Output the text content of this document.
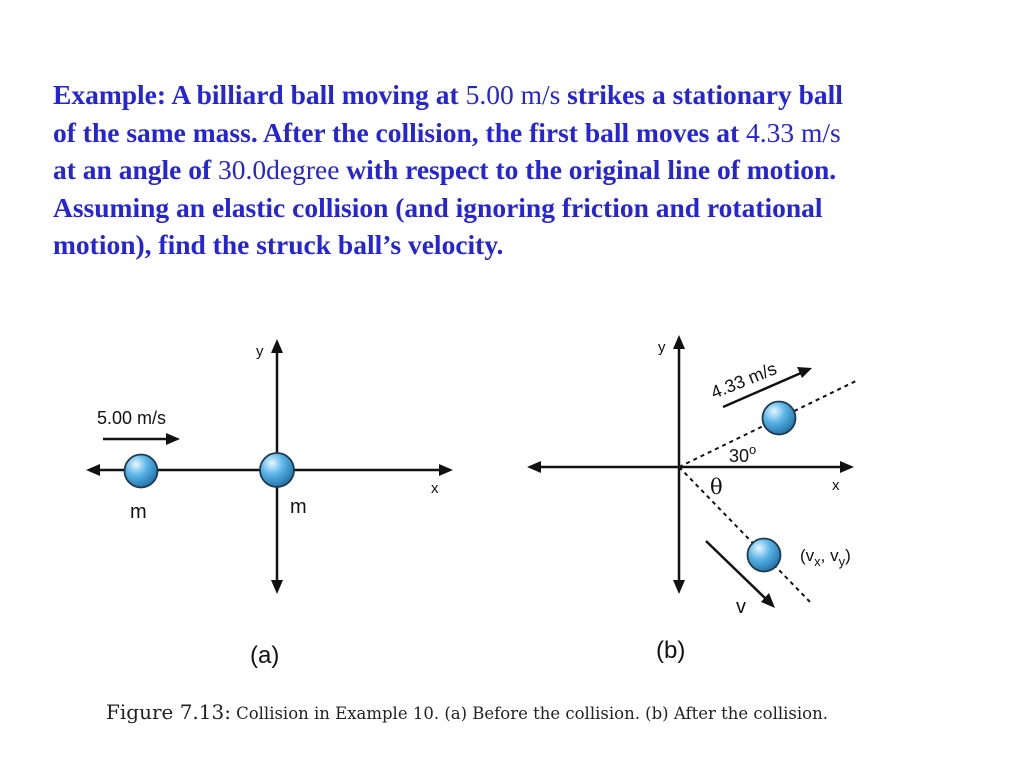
Example: A billiard ball moving at 5.00 m/s strikes a stationary ball
of the same mass. After the collision, the first ball moves at 4.33 m/s
at an angle of 30.0degree with respect to the original line of motion.
Assuming an elastic collision (and ignoring friction and rotational
motion), find the struck ball’s velocity.
y
x
5.00 m/s
m	m
(a)
y
x
4.33 m/s
30$^o$
θ
($v_x$, $v_y$)
v
(b)
Figure 7.13: Collision in Example 10. (a) Before the collision. (b) After the collision.
